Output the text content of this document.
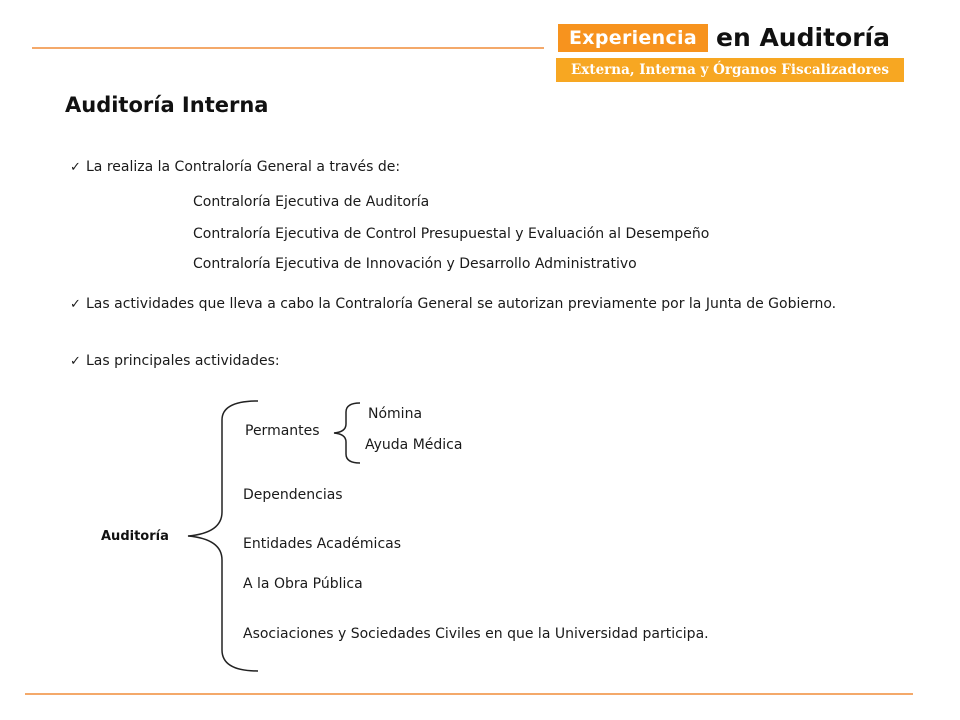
Experiencia en Auditoría
Externa, Interna y Órganos Fiscalizadores
Auditoría Interna
✓ La realiza la Contraloría General a través de:
Contraloría Ejecutiva de Auditoría
Contraloría Ejecutiva de Control Presupuestal y Evaluación al Desempeño
Contraloría Ejecutiva de Innovación y Desarrollo Administrativo
✓ Las actividades que lleva a cabo la Contraloría General se autorizan previamente por la Junta de Gobierno.
✓ Las principales actividades:
Auditoría
Permantes
Nómina
Ayuda Médica
Dependencias
Entidades Académicas
A la Obra Pública
Asociaciones y Sociedades Civiles en que la Universidad participa.
